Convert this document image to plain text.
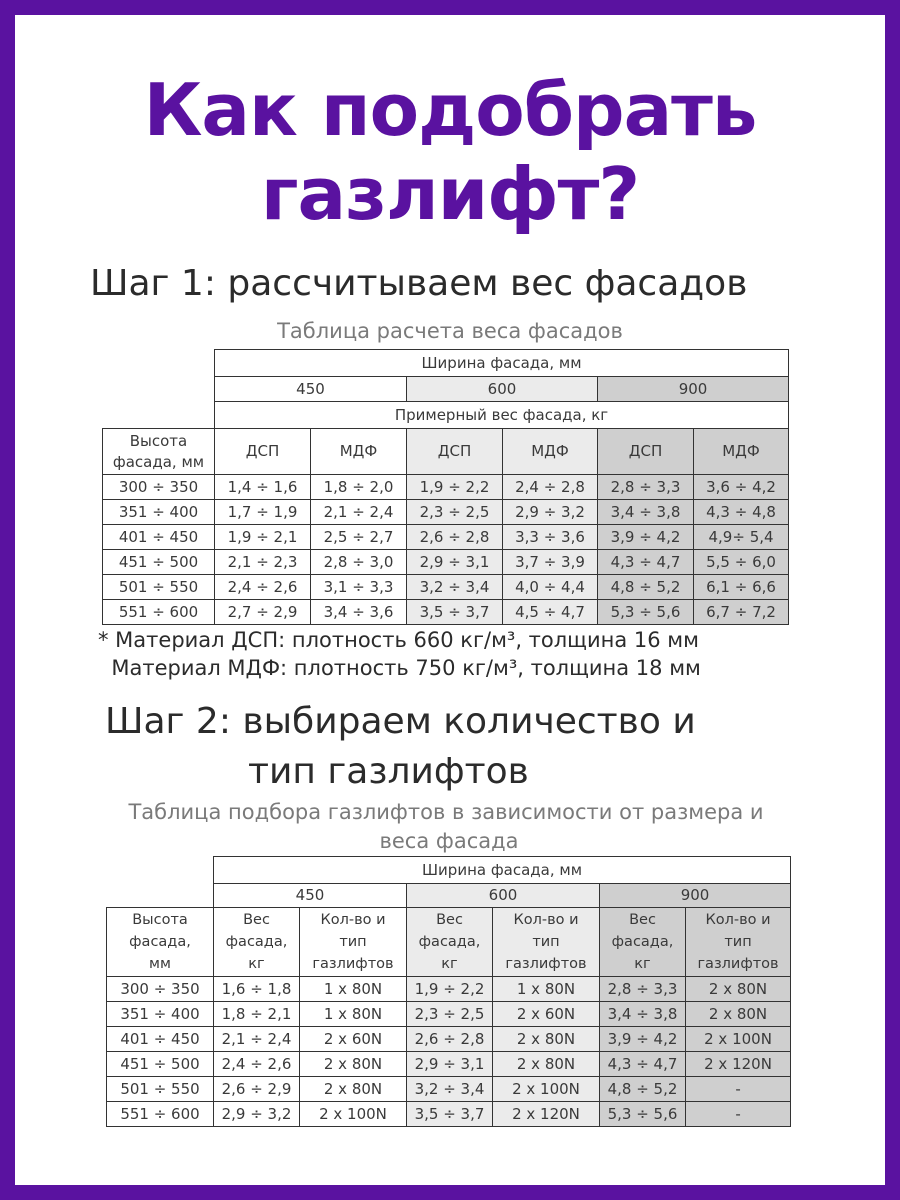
Как подобрать
газлифт?
Шаг 1: рассчитываем вес фасадов
Таблица расчета веса фасадов
	Ширина фасада, мм					
	450		600		900	
	Примерный вес фасада, кг					
Высота фасада, мм	ДСП	МДФ	ДСП	МДФ	ДСП	МДФ
300 ÷ 350	1,4 ÷ 1,6	1,8 ÷ 2,0	1,9 ÷ 2,2	2,4 ÷ 2,8	2,8 ÷ 3,3	3,6 ÷ 4,2
351 ÷ 400	1,7 ÷ 1,9	2,1 ÷ 2,4	2,3 ÷ 2,5	2,9 ÷ 3,2	3,4 ÷ 3,8	4,3 ÷ 4,8
401 ÷ 450	1,9 ÷ 2,1	2,5 ÷ 2,7	2,6 ÷ 2,8	3,3 ÷ 3,6	3,9 ÷ 4,2	4,9÷ 5,4
451 ÷ 500	2,1 ÷ 2,3	2,8 ÷ 3,0	2,9 ÷ 3,1	3,7 ÷ 3,9	4,3 ÷ 4,7	5,5 ÷ 6,0
501 ÷ 550	2,4 ÷ 2,6	3,1 ÷ 3,3	3,2 ÷ 3,4	4,0 ÷ 4,4	4,8 ÷ 5,2	6,1 ÷ 6,6
551 ÷ 600	2,7 ÷ 2,9	3,4 ÷ 3,6	3,5 ÷ 3,7	4,5 ÷ 4,7	5,3 ÷ 5,6	6,7 ÷ 7,2
* Материал ДСП: плотность 660 кг/м³, толщина 16 мм
Материал МДФ: плотность 750 кг/м³, толщина 18 мм
Шаг 2: выбираем количество и
тип газлифтов
Таблица подбора газлифтов в зависимости от размера и
веса фасада
	Ширина фасада, мм					
	450		600		900	
Высота
фасада,
мм	Вес
фасада,
кг	Кол-во и
тип
газлифтов	Вес
фасада,
кг	Кол-во и
тип
газлифтов	Вес
фасада,
кг	Кол-во и
тип
газлифтов
300 ÷ 350	1,6 ÷ 1,8	1 x 80N	1,9 ÷ 2,2	1 x 80N	2,8 ÷ 3,3	2 x 80N
351 ÷ 400	1,8 ÷ 2,1	1 x 80N	2,3 ÷ 2,5	2 x 60N	3,4 ÷ 3,8	2 x 80N
401 ÷ 450	2,1 ÷ 2,4	2 x 60N	2,6 ÷ 2,8	2 x 80N	3,9 ÷ 4,2	2 x 100N
451 ÷ 500	2,4 ÷ 2,6	2 x 80N	2,9 ÷ 3,1	2 x 80N	4,3 ÷ 4,7	2 x 120N
501 ÷ 550	2,6 ÷ 2,9	2 x 80N	3,2 ÷ 3,4	2 x 100N	4,8 ÷ 5,2	-
551 ÷ 600	2,9 ÷ 3,2	2 x 100N	3,5 ÷ 3,7	2 x 120N	5,3 ÷ 5,6	-
